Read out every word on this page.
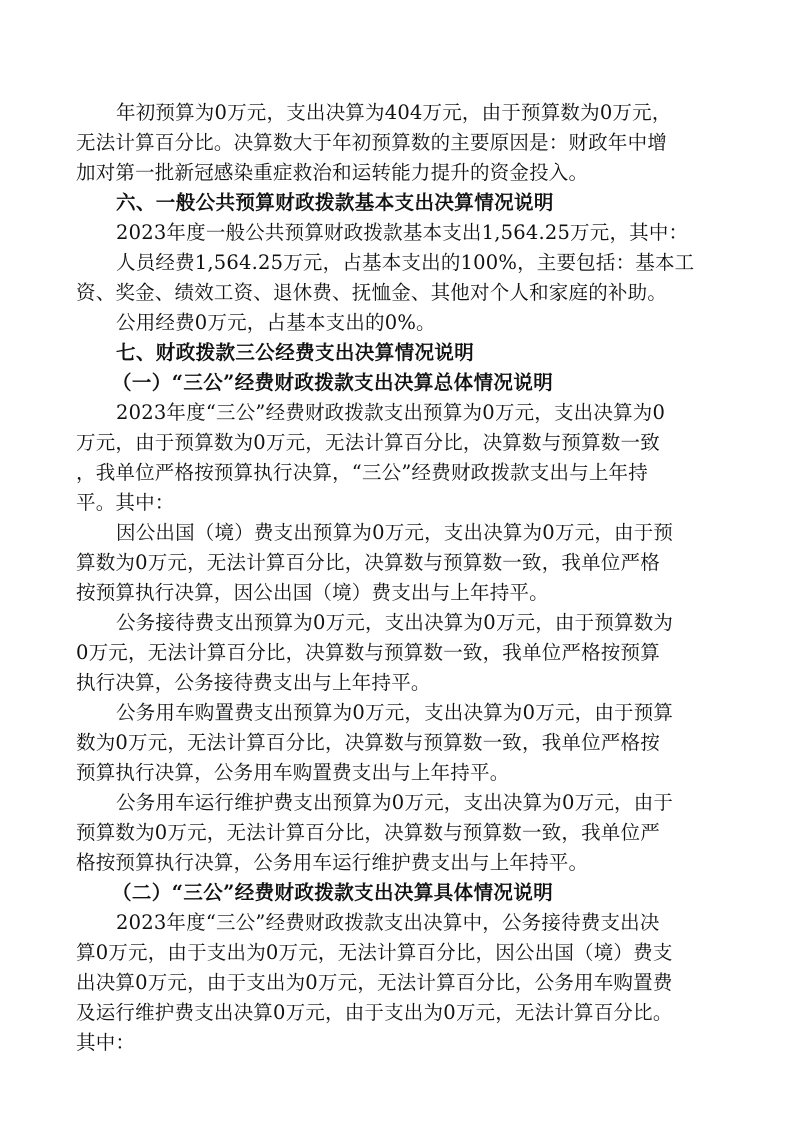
年初预算为0万元，支出决算为404万元，由于预算数为0万元，
无法计算百分比。决算数大于年初预算数的主要原因是：财政年中增
加对第一批新冠感染重症救治和运转能力提升的资金投入。
六、一般公共预算财政拨款基本支出决算情况说明
2023年度一般公共预算财政拨款基本支出1,564.25万元，其中：
人员经费1,564.25万元，占基本支出的100%，主要包括：基本工
资、奖金、绩效工资、退休费、抚恤金、其他对个人和家庭的补助。
公用经费0万元，占基本支出的0%。
七、财政拨款三公经费支出决算情况说明
（一）“三公”经费财政拨款支出决算总体情况说明
2023年度“三公”经费财政拨款支出预算为0万元，支出决算为0
万元，由于预算数为0万元，无法计算百分比，决算数与预算数一致
，我单位严格按预算执行决算，“三公”经费财政拨款支出与上年持
平。其中：
因公出国（境）费支出预算为0万元，支出决算为0万元，由于预
算数为0万元，无法计算百分比，决算数与预算数一致，我单位严格
按预算执行决算，因公出国（境）费支出与上年持平。
公务接待费支出预算为0万元，支出决算为0万元，由于预算数为
0万元，无法计算百分比，决算数与预算数一致，我单位严格按预算
执行决算，公务接待费支出与上年持平。
公务用车购置费支出预算为0万元，支出决算为0万元，由于预算
数为0万元，无法计算百分比，决算数与预算数一致，我单位严格按
预算执行决算，公务用车购置费支出与上年持平。
公务用车运行维护费支出预算为0万元，支出决算为0万元，由于
预算数为0万元，无法计算百分比，决算数与预算数一致，我单位严
格按预算执行决算，公务用车运行维护费支出与上年持平。
（二）“三公”经费财政拨款支出决算具体情况说明
2023年度“三公”经费财政拨款支出决算中，公务接待费支出决
算0万元，由于支出为0万元，无法计算百分比，因公出国（境）费支
出决算0万元，由于支出为0万元，无法计算百分比，公务用车购置费
及运行维护费支出决算0万元，由于支出为0万元，无法计算百分比。
其中：
